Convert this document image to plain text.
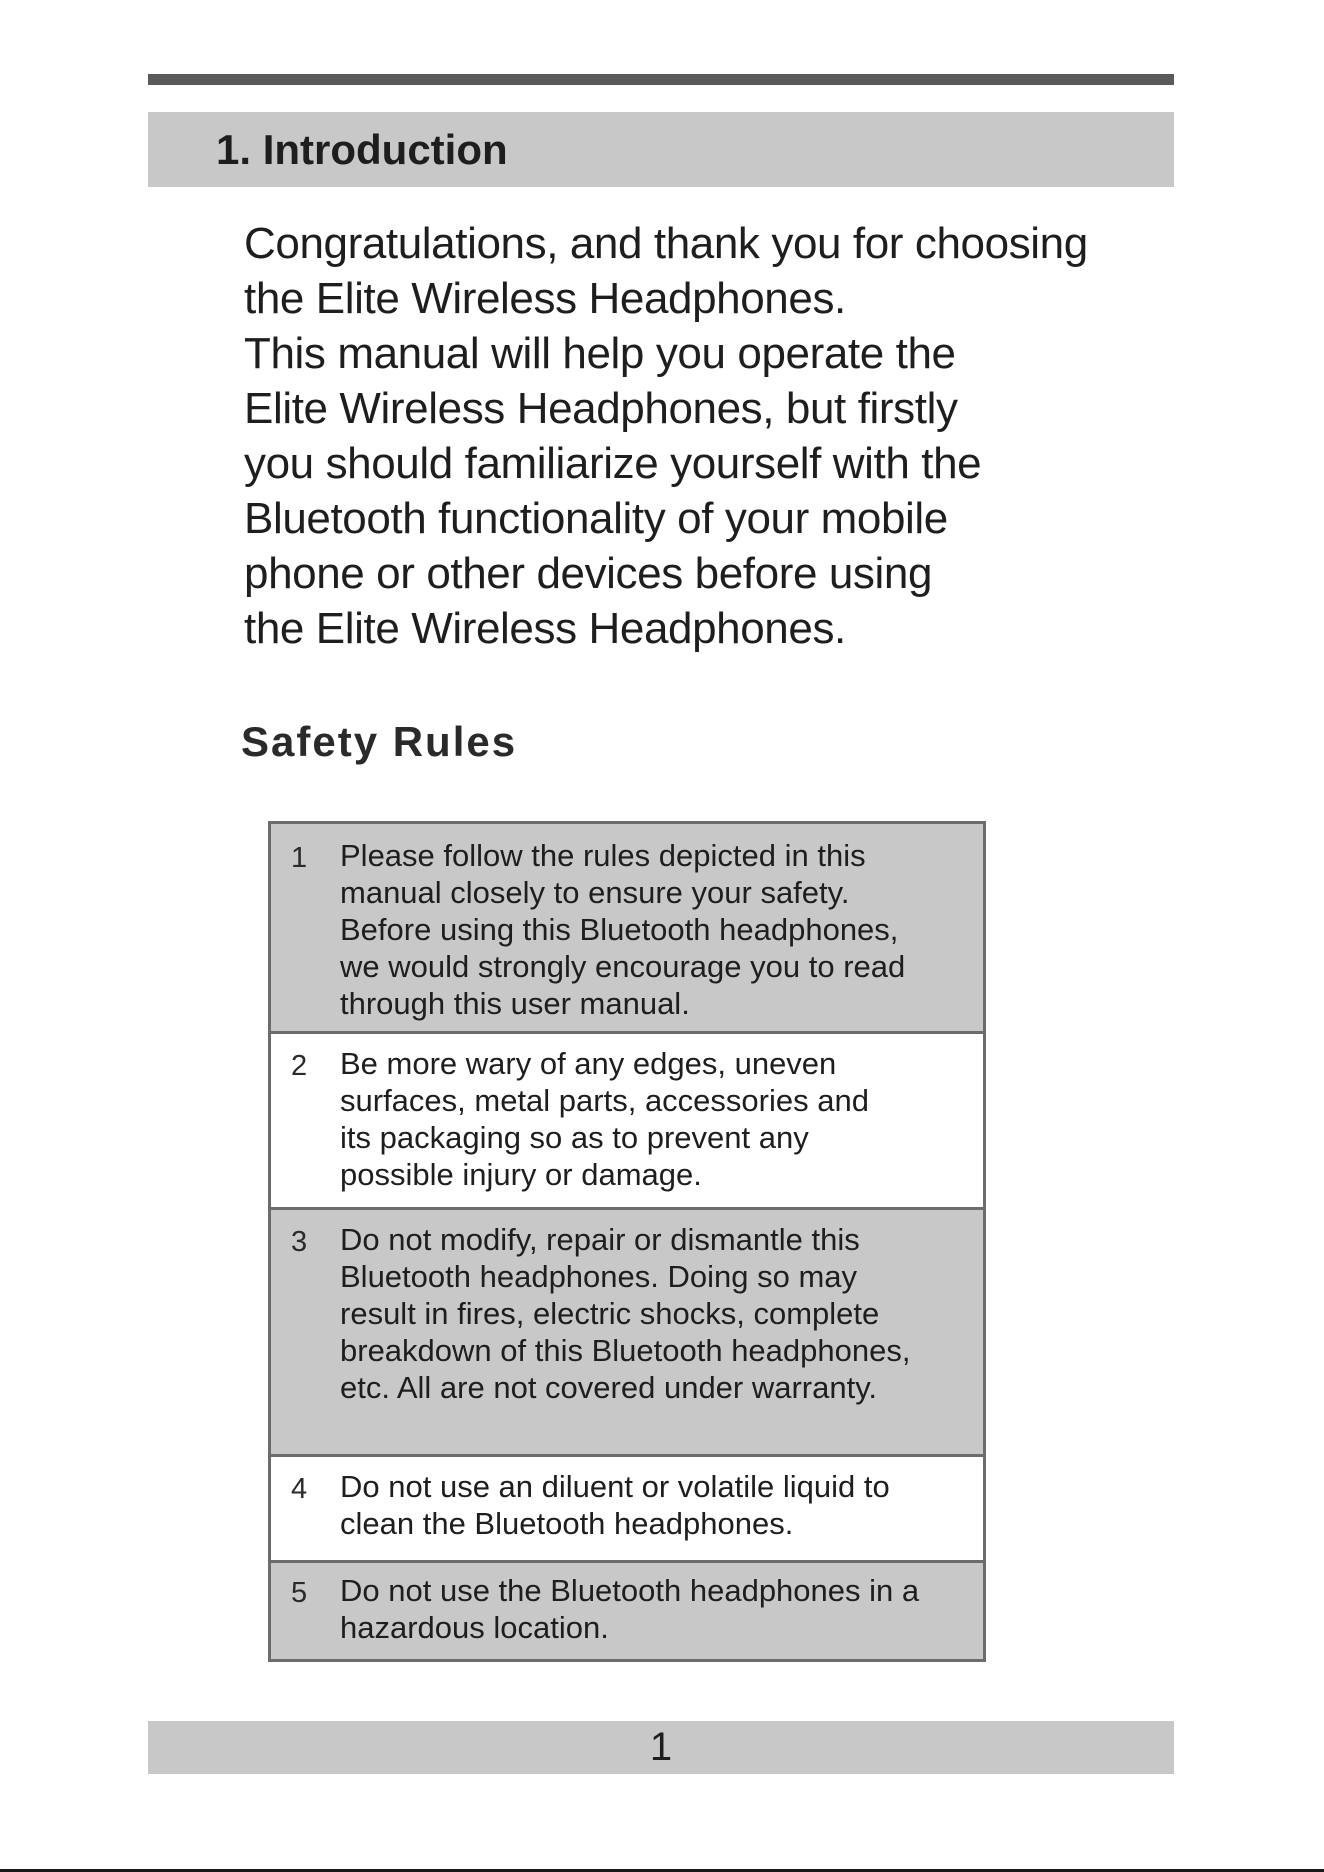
1. Introduction
Congratulations, and thank you for choosing
the Elite Wireless Headphones.
This manual will help you operate the
Elite Wireless Headphones, but firstly
you should familiarize yourself with the
Bluetooth functionality of your mobile
phone or other devices before using
the Elite Wireless Headphones.
Safety Rules
1 Please follow the rules depicted in this
manual closely to ensure your safety.
Before using this Bluetooth headphones,
we would strongly encourage you to read
through this user manual.
2 Be more wary of any edges, uneven
surfaces, metal parts, accessories and
its packaging so as to prevent any
possible injury or damage.
3 Do not modify, repair or dismantle this
Bluetooth headphones. Doing so may
result in fires, electric shocks, complete
breakdown of this Bluetooth headphones,
etc. All are not covered under warranty.
4 Do not use an diluent or volatile liquid to
clean the Bluetooth headphones.
5 Do not use the Bluetooth headphones in a
hazardous location.
1
